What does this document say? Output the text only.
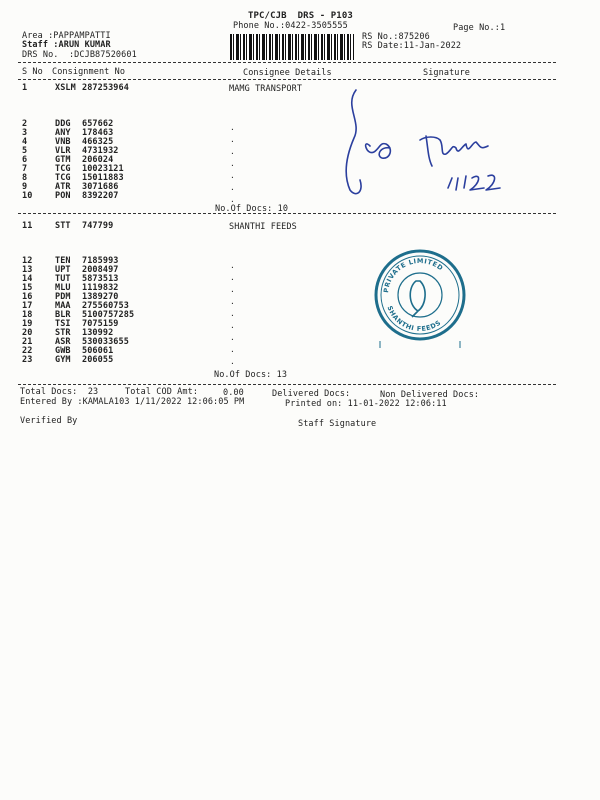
TPC/CJB  DRS - P103
Phone No.:0422-3505555	Page No.:1
Area :PAPPAMPATTI
Staff :ARUN KUMAR
DRS No.  :DCJB87520601
RS No.:875206
RS Date:11-Jan-2022
S No Consignment No	Consignee Details	Signature
MAMG TRANSPORT
1	XSLM 287253964
2	DDG 657662
3	ANY 178463
4	VNB 466325
5	VLR 4731932
6	GTM 206024
7	TCG 10023121
8	TCG 15011883
9	ATR 3071686
10	PON 8392207
.
.
.
.
.
.
.
No.Of Docs: 10
SHANTHI FEEDS
11	STT 747799
12	TEN 7185993
13	UPT 2008497
14	TUT 5873513
15	MLU 1119832
16	PDM 1389270
17	MAA 275560753
18	BLR 5100757285
19	TSI 7075159
20	STR 130992
21	ASR 530033655
22	GWB 506061
23	GYM 206055
.
.
.
.
.
.
.
.
.
No.Of Docs: 13
PRIVATE LIMITED
SHANTHI FEEDS
Total Docs:  23	Total COD Amt:	0.00	Delivered Docs:	Non Delivered Docs:
Entered By :KAMALA103 1/11/2022 12:06:05 PM	Printed on: 11-01-2022 12:06:11
Verified By	Staff Signature
